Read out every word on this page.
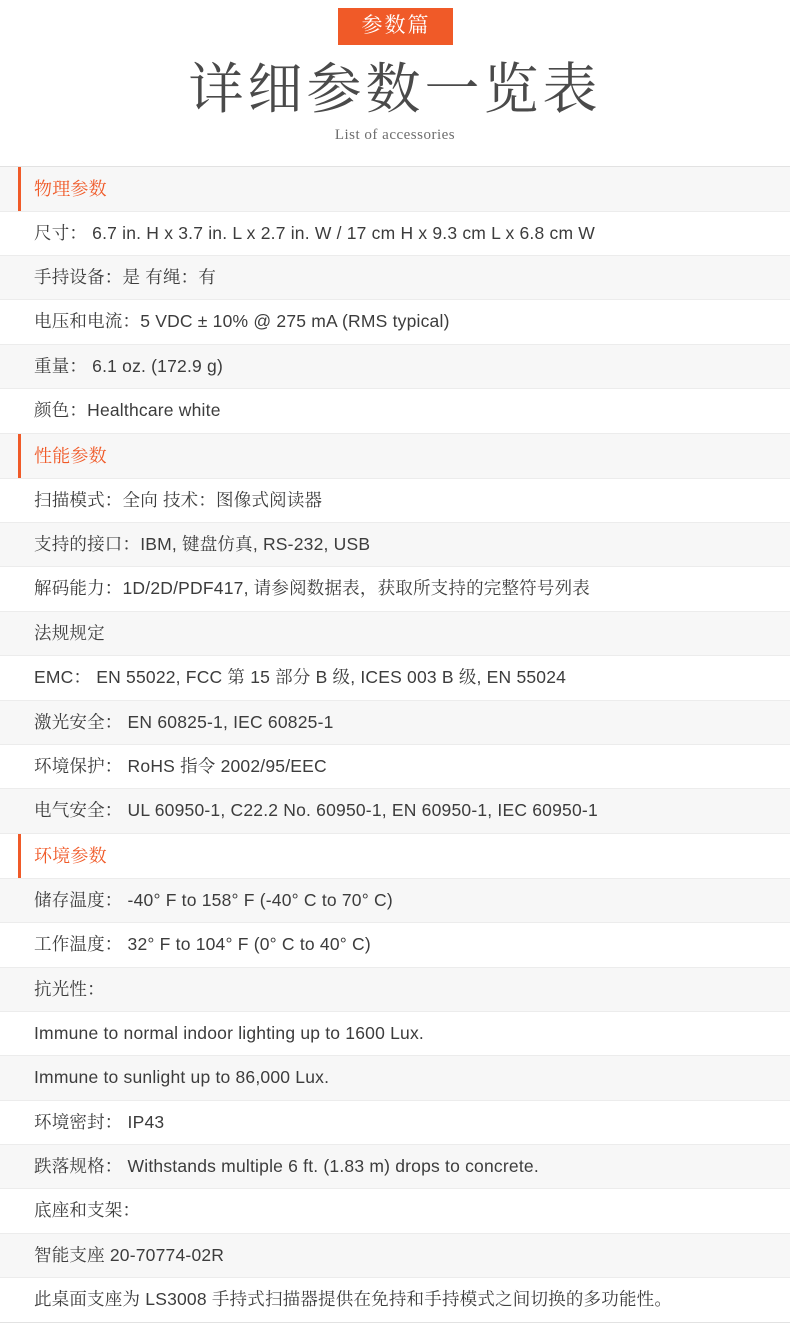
参数篇
详细参数一览表
List of accessories
物理参数
尺寸： 6.7 in. H x 3.7 in. L x 2.7 in. W / 17 cm H x 9.3 cm L x 6.8 cm W
手持设备：是 有绳：有
电压和电流：5 VDC ± 10% @ 275 mA (RMS typical)
重量： 6.1 oz. (172.9 g)
颜色：Healthcare white
性能参数
扫描模式：全向 技术：图像式阅读器
支持的接口：IBM, 键盘仿真, RS-232, USB
解码能力：1D/2D/PDF417, 请参阅数据表，获取所支持的完整符号列表
法规规定
EMC： EN 55022, FCC 第 15 部分 B 级, ICES 003 B 级, EN 55024
激光安全： EN 60825-1, IEC 60825-1
环境保护： RoHS 指令 2002/95/EEC
电气安全： UL 60950-1, C22.2 No. 60950-1, EN 60950-1, IEC 60950-1
环境参数
储存温度： -40° F to 158° F (-40° C to 70° C)
工作温度： 32° F to 104° F (0° C to 40° C)
抗光性：
Immune to normal indoor lighting up to 1600 Lux.
Immune to sunlight up to 86,000 Lux.
环境密封： IP43
跌落规格： Withstands multiple 6 ft. (1.83 m) drops to concrete.
底座和支架：
智能支座 20-70774-02R
此桌面支座为 LS3008 手持式扫描器提供在免持和手持模式之间切换的多功能性。
